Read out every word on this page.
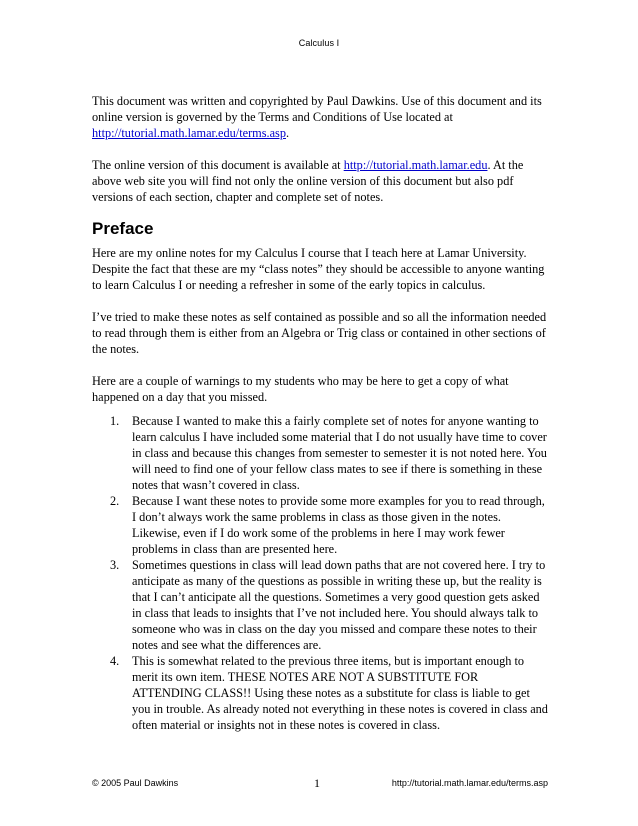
Calculus I

This document was written and copyrighted by Paul Dawkins. Use of this document and its online version is governed by the Terms and Conditions of Use located at http://tutorial.math.lamar.edu/terms.asp.

The online version of this document is available at http://tutorial.math.lamar.edu. At the above web site you will find not only the online version of this document but also pdf versions of each section, chapter and complete set of notes.

Preface

Here are my online notes for my Calculus I course that I teach here at Lamar University. Despite the fact that these are my “class notes” they should be accessible to anyone wanting to learn Calculus I or needing a refresher in some of the early topics in calculus.

I’ve tried to make these notes as self contained as possible and so all the information needed to read through them is either from an Algebra or Trig class or contained in other sections of the notes.

Here are a couple of warnings to my students who may be here to get a copy of what happened on a day that you missed.

1. Because I wanted to make this a fairly complete set of notes for anyone wanting to learn calculus I have included some material that I do not usually have time to cover in class and because this changes from semester to semester it is not noted here. You will need to find one of your fellow class mates to see if there is something in these notes that wasn’t covered in class.
2. Because I want these notes to provide some more examples for you to read through, I don’t always work the same problems in class as those given in the notes. Likewise, even if I do work some of the problems in here I may work fewer problems in class than are presented here.
3. Sometimes questions in class will lead down paths that are not covered here. I try to anticipate as many of the questions as possible in writing these up, but the reality is that I can’t anticipate all the questions. Sometimes a very good question gets asked in class that leads to insights that I’ve not included here. You should always talk to someone who was in class on the day you missed and compare these notes to their notes and see what the differences are.
4. This is somewhat related to the previous three items, but is important enough to merit its own item. THESE NOTES ARE NOT A SUBSTITUTE FOR ATTENDING CLASS!! Using these notes as a substitute for class is liable to get you in trouble. As already noted not everything in these notes is covered in class and often material or insights not in these notes is covered in class.
© 2005 Paul Dawkins	1	http://tutorial.math.lamar.edu/terms.asp
